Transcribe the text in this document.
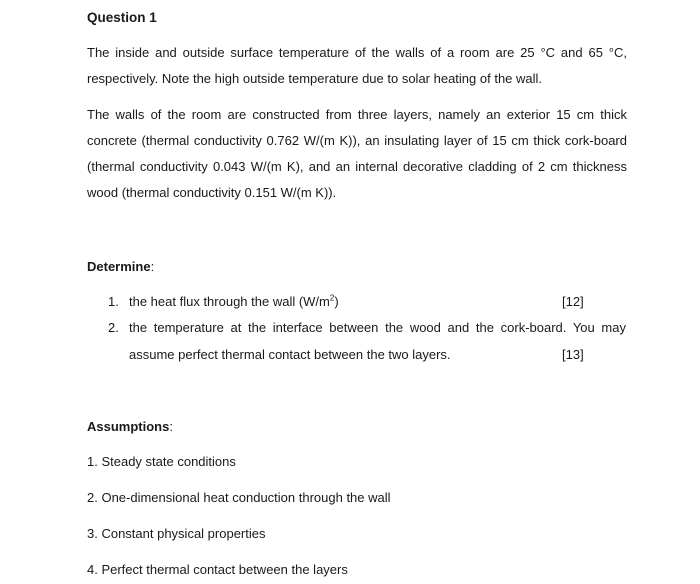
Question 1
The inside and outside surface temperature of the walls of a room are 25 °C and 65 °C,
respectively. Note the high outside temperature due to solar heating of the wall.
The walls of the room are constructed from three layers, namely an exterior 15 cm thick
concrete (thermal conductivity 0.762 W/(m K)), an insulating layer of 15 cm thick cork-board
(thermal conductivity 0.043 W/(m K), and an internal decorative cladding of 2 cm thickness
wood (thermal conductivity 0.151 W/(m K)).
Determine:
1. the heat flux through the wall $(W/m^2)$	[12]
2. the temperature at the interface between the wood and the cork-board. You may
assume perfect thermal contact between the two layers.	[13]
Assumptions:
1. Steady state conditions
2. One-dimensional heat conduction through the wall
3. Constant physical properties
4. Perfect thermal contact between the layers
